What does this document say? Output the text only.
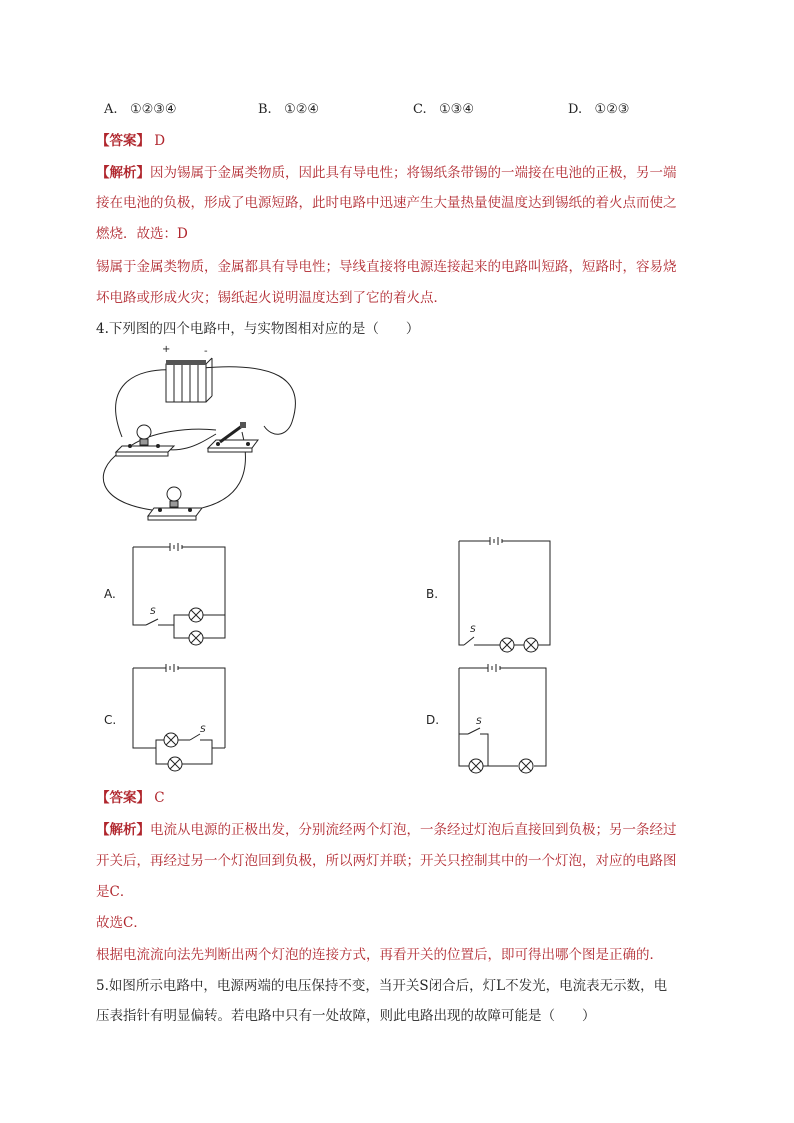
A. ①②③④	B. ①②④	C. ①③④	D. ①②③
【答案】 D
【解析】因为锡属于金属类物质，因此具有导电性；将锡纸条带锡的一端接在电池的正极，另一端
接在电池的负极，形成了电源短路，此时电路中迅速产生大量热量使温度达到锡纸的着火点而使之
燃烧．故选：D
锡属于金属类物质，金属都具有导电性；导线直接将电源连接起来的电路叫短路，短路时，容易烧
坏电路或形成火灾；锡纸起火说明温度达到了它的着火点．
4.下列图的四个电路中，与实物图相对应的是（　　）
+	-
A.
S
B.
S
C.
S
D.	S
【答案】 C
【解析】电流从电源的正极出发，分别流经两个灯泡，一条经过灯泡后直接回到负极；另一条经过
开关后，再经过另一个灯泡回到负极，所以两灯并联；开关只控制其中的一个灯泡，对应的电路图
是C．
故选C．
根据电流流向法先判断出两个灯泡的连接方式，再看开关的位置后，即可得出哪个图是正确的．
5.如图所示电路中，电源两端的电压保持不变，当开关S闭合后，灯L不发光，电流表无示数，电
压表指针有明显偏转。若电路中只有一处故障，则此电路出现的故障可能是（　　）
